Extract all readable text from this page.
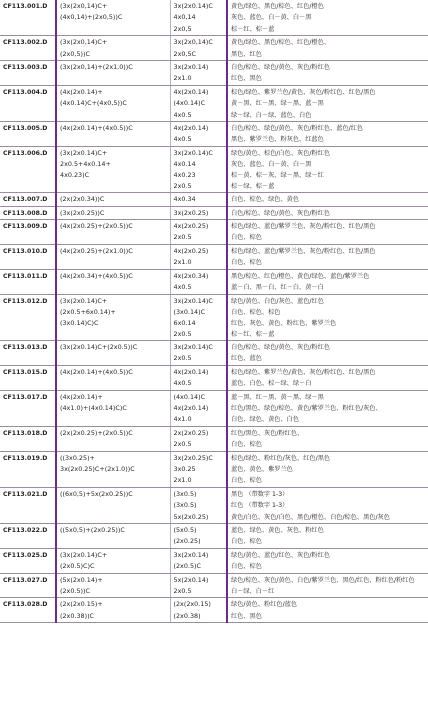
CF113.001.D	(3x(2x0,14)C+
(4x0,14)+(2x0,5))C	3x(2x0.14)C
4x0,14
2x0,5	黄色/绿色、黑色/棕色、红色/橙色
灰色、蓝色、白－黄、白－黑
棕－红、棕－蓝
CF113.002.D	(3x(2x0,14)C+
(2x0,5))C	3x(2x0,14)C
2x0,5C	黄色/绿色、黑色/棕色、红色/橙色、
黑色、红色
CF113.003.D	(3x(2x0,14)+(2x1,0))C	3x(2x0.14)
2x1.0	白色/棕色、绿色/黄色、灰色/粉红色
红色、黑色
CF113.004.D	(4x(2x0.14)+
(4x0.14)C+(4x0,5))C	4x(2x0.14)
(4x0.14)C
4x0.5	棕色/绿色、紫罗兰色/黄色、灰色/粉红色、红色/黑色
黄－黑、红－黑、绿－黑、蓝－黑
绿－绿、白－绿、蓝色、白色
CF113.005.D	(4x(2x0.14)+(4x0.5))C	4x(2x0.14)
4x0.5	白色/棕色、绿色/黄色、灰色/粉红色、蓝色/红色
黑色、紫罗兰色、粉灰色、红蓝色
CF113.006.D	(3x(2x0.14)C+
2x0.5+4x0.14+
4x0.23)C	3x(2x0.14)C
4x0.14
4x0.23
2x0.5	绿色/黄色、棕色/白色、灰色/粉红色
灰色、蓝色、白－黄、白－黑
棕－黄、棕－灰、绿－黑、绿－红
棕－绿、棕－蓝
CF113.007.D	(2x(2x0.34))C	4x0.34	白色、棕色、绿色、黄色
CF113.008.D	(3x(2x0.25))C	3x(2x0.25)	白色/棕色、绿色/黄色、灰色/粉红色
CF113.009.D	(4x(2x0.25)+(2x0.5))C	4x(2x0.25)
2x0.5	棕色/绿色、蓝色/紫罗兰色、灰色/粉红色、红色/黑色
白色、棕色
CF113.010.D	(4x(2x0.25)+(2x1.0))C	4x(2x0.25)
2x1.0	棕色/绿色、蓝色/紫罗兰色、灰色/粉红色、红色/黑色
白色、棕色
CF113.011.D	(4x(2x0.34)+(4x0.5))C	4x(2x0.34)
4x0.5	黑色/棕色、红色/橙色、黄色/绿色、蓝色/紫罗兰色
蓝－白、黑－白、红－白、黄－白
CF113.012.D	(3x(2x0.14)C+
(2x0.5+6x0.14)+
(3x0.14)C)C	3x(2x0.14)C
(3x0.14)C
6x0.14
2x0.5	绿色/黄色、白色/灰色、蓝色/红色
白色、棕色、棕色
红色、灰色、黄色、粉红色、紫罗兰色
棕－红、棕－蓝
CF113.013.D	(3x(2x0.14)C+(2x0.5))C	3x(2x0.14)C
2x0.5	白色/棕色、绿色/黄色、灰色/粉红色
红色、蓝色
CF113.015.D	(4x(2x0.14)+(4x0.5))C	4x(2x0.14)
4x0.5	棕色/绿色、紫罗兰色/黄色、灰色/粉红色、红色/黑色
蓝色、白色、棕－绿、绿－白
CF113.017.D	(4x(2x0.14)+
(4x1.0)+(4x0.14)C)C	(4x0.14)C
4x(2x0.14)
4x1.0	蓝－黑、红－黑、黄－黑、绿－黑
红色/黑色、绿色/棕色、黄色/紫罗兰色、粉红色/灰色、
白色、绿色、黄色、白色
CF113.018.D	(2x(2x0.25)+(2x0.5))C	2x(2x0.25)
2x0.5	红色/黑色、灰色/粉红色、
白色、棕色
CF113.019.D	((3x0.25)+
3x(2x0.25)C+(2x1.0))C	3x(2x0.25)C
3x0.25
2x1.0	棕色/绿色、粉红色/灰色、红色/黑色
蓝色、黄色、紫罗兰色
白色、棕色
CF113.021.D	((6x0,5)+5x(2x0.25))C	(3x0.5)
(3x0.5)
5x(2x0.25)	黑色 （带数字 1-3）
红色 （带数字 1-3）
黄色/白色、灰色/白色、黑色/橙色、白色/棕色、黑色/灰色
CF113.022.D	((5x0,5)+(2x0.25))C	(5x0.5)
(2x0.25)	蓝色、绿色、黄色、灰色、粉红色
白色、棕色
CF113.025.D	(3x(2x0.14)C+
(2x0.5)C)C	3x(2x0.14)
(2x0.5)C	绿色/黄色、蓝色/红色、灰色/粉红色
白色、棕色
CF113.027.D	(5x(2x0.14)+
(2x0.5))C	5x(2x0.14)
2x0.5	绿色/棕色、灰色/黄色、白色/紫罗兰色、黑色/红色、粉红色/粉红色
白－绿、白－红
CF113.028.D	(2x(2x0.15)+
(2x0.38))C	(2x(2x0.15)
(2x0.38)	绿色/黄色、粉红色/蓝色
红色、黑色
